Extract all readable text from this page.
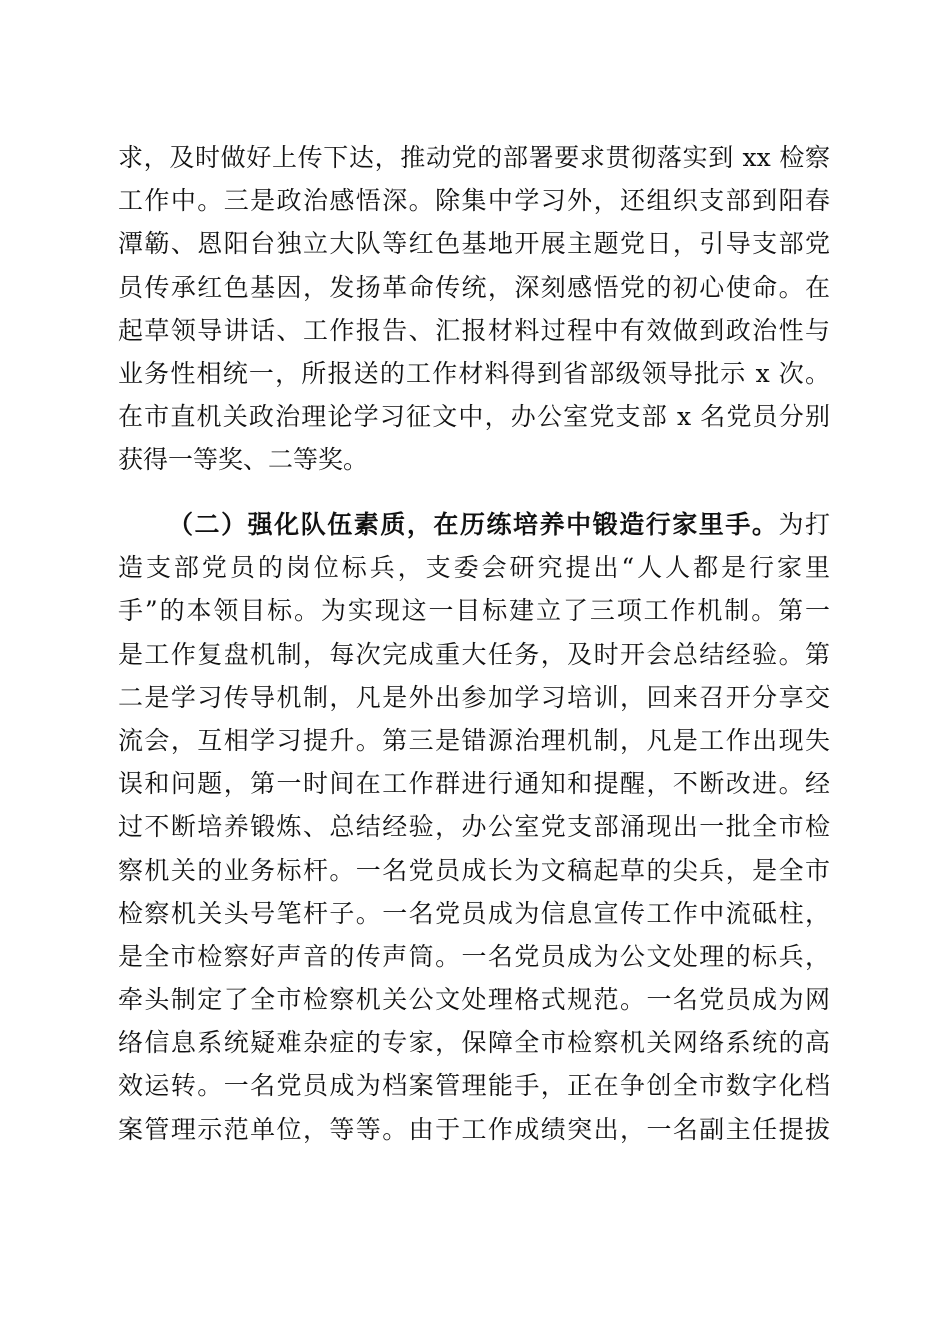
求，及时做好上传下达，推动党的部署要求贯彻落实到 xx 检察
工作中。三是政治感悟深。除集中学习外，还组织支部到阳春
潭簕、恩阳台独立大队等红色基地开展主题党日，引导支部党
员传承红色基因，发扬革命传统，深刻感悟党的初心使命。在
起草领导讲话、工作报告、汇报材料过程中有效做到政治性与
业务性相统一，所报送的工作材料得到省部级领导批示 x 次。
在市直机关政治理论学习征文中，办公室党支部 x 名党员分别
获得一等奖、二等奖。
（二）强化队伍素质，在历练培养中锻造行家里手。为打
造支部党员的岗位标兵，支委会研究提出“人人都是行家里
手”的本领目标。为实现这一目标建立了三项工作机制。第一
是工作复盘机制，每次完成重大任务，及时开会总结经验。第
二是学习传导机制，凡是外出参加学习培训，回来召开分享交
流会，互相学习提升。第三是错源治理机制，凡是工作出现失
误和问题，第一时间在工作群进行通知和提醒，不断改进。经
过不断培养锻炼、总结经验，办公室党支部涌现出一批全市检
察机关的业务标杆。一名党员成长为文稿起草的尖兵，是全市
检察机关头号笔杆子。一名党员成为信息宣传工作中流砥柱，
是全市检察好声音的传声筒。一名党员成为公文处理的标兵，
牵头制定了全市检察机关公文处理格式规范。一名党员成为网
络信息系统疑难杂症的专家，保障全市检察机关网络系统的高
效运转。一名党员成为档案管理能手，正在争创全市数字化档
案管理示范单位，等等。由于工作成绩突出，一名副主任提拔
